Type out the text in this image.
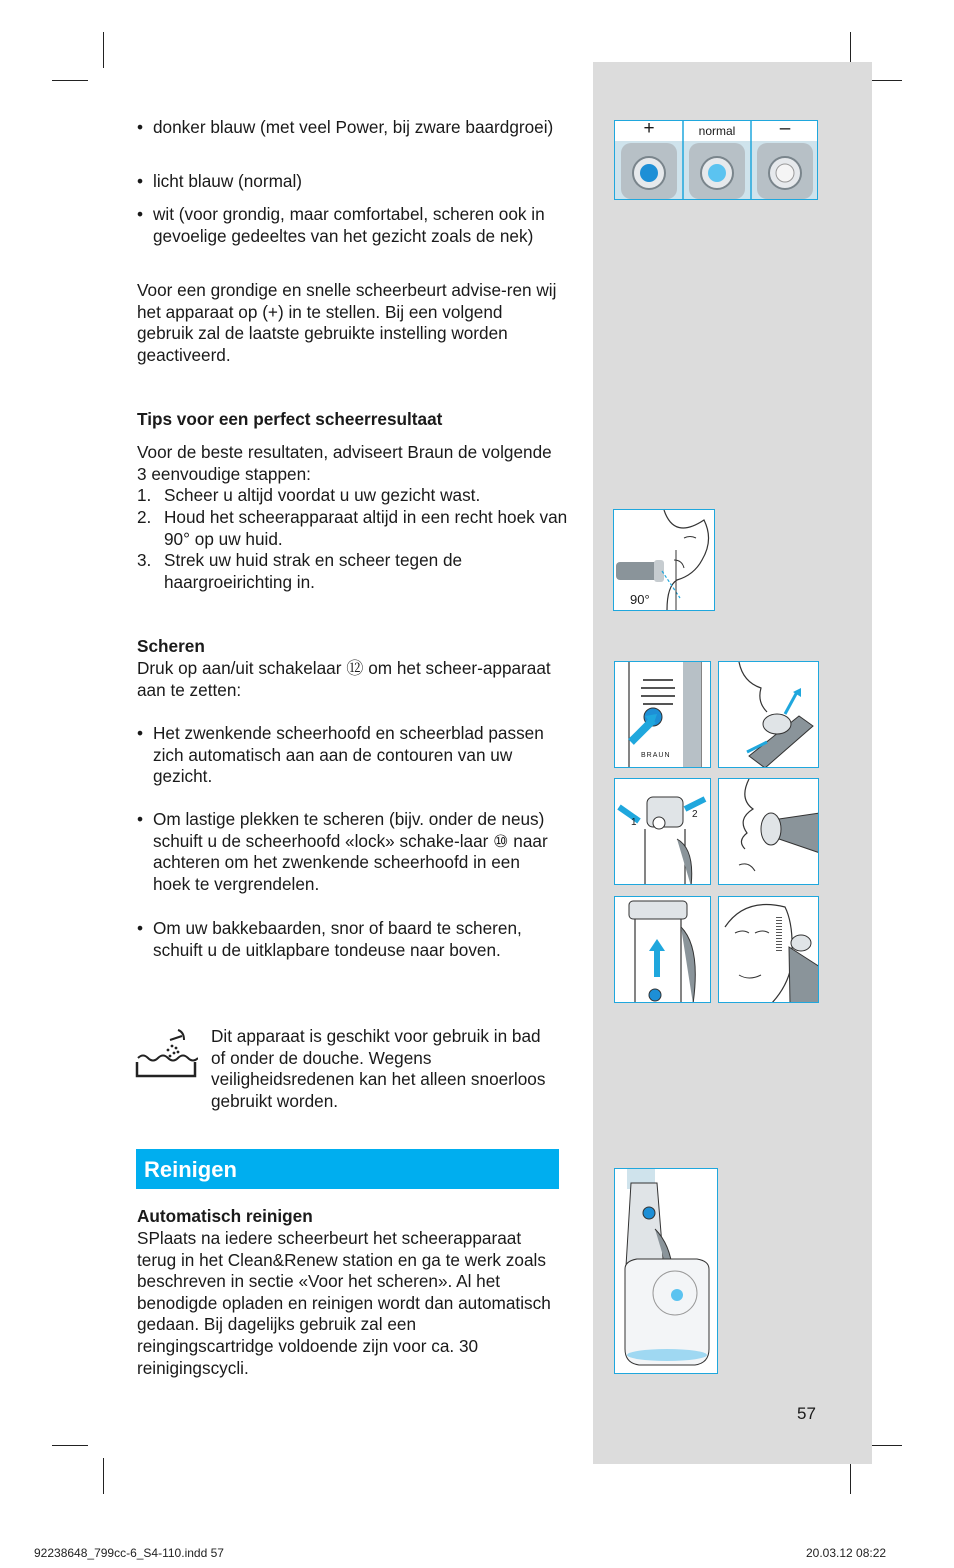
• donker blauw (met veel Power, bij zware baardgroei)
• licht blauw (normal)
• wit (voor grondig, maar comfortabel, scheren ook in gevoelige gedeeltes van het gezicht zoals de nek)
Voor een grondige en snelle scheerbeurt advise-ren wij het apparaat op (+) in te stellen. Bij een volgend gebruik zal de laatste gebruikte instelling worden geactiveerd.
Tips voor een perfect scheerresultaat
Voor de beste resultaten, adviseert Braun de volgende 3 eenvoudige stappen:
1. Scheer u altijd voordat u uw gezicht wast.
2. Houd het scheerapparaat altijd in een recht hoek van 90° op uw huid.
3. Strek uw huid strak en scheer tegen de haargroeirichting in.
Scheren
Druk op aan/uit schakelaar ⑫ om het scheer-apparaat aan te zetten:
• Het zwenkende scheerhoofd en scheerblad passen zich automatisch aan aan de contouren van uw gezicht.
• Om lastige plekken te scheren (bijv. onder de neus) schuift u de scheerhoofd «lock» schake-laar ⑩ naar achteren om het zwenkende scheerhoofd in een hoek te vergrendelen.
• Om uw bakkebaarden, snor of baard te scheren, schuift u de uitklapbare tondeuse naar boven.
Dit apparaat is geschikt voor gebruik in bad of onder de douche. Wegens veiligheidsredenen kan het alleen snoerloos gebruikt worden.
Reinigen
Automatisch reinigen
SPlaats na iedere scheerbeurt het scheerapparaat terug in het Clean&Renew station en ga te werk zoals beschreven in sectie «Voor het scheren». Al het benodigde opladen en reinigen wordt dan automatisch gedaan. Bij dagelijks gebruik zal een reingingscartridge voldoende zijn voor ca. 30 reinigingscycli.
+	normal	–
90°
BRAUN
1
2
57
92238648_799cc-6_S4-110.indd 57	20.03.12 08:22
